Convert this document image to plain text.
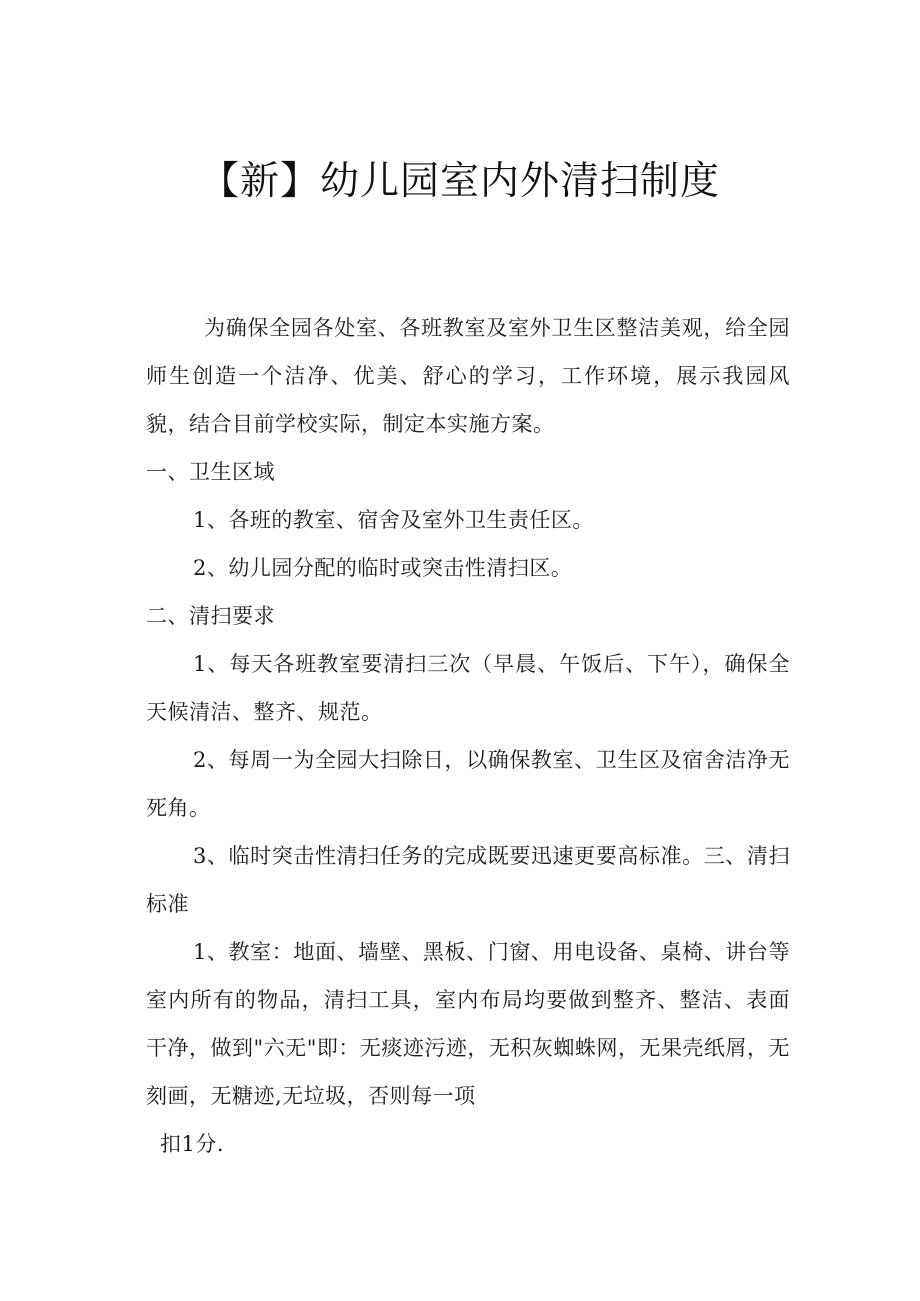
【新】幼儿园室内外清扫制度

为确保全园各处室、各班教室及室外卫生区整洁美观，给全园师生创造一个洁净、优美、舒心的学习，工作环境，展示我园风貌，结合目前学校实际，制定本实施方案。

一、卫生区域

1、各班的教室、宿舍及室外卫生责任区。

2、幼儿园分配的临时或突击性清扫区。

二、清扫要求

1、每天各班教室要清扫三次（早晨、午饭后、下午），确保全天候清洁、整齐、规范。

2、每周一为全园大扫除日，以确保教室、卫生区及宿舍洁净无死角。

3、临时突击性清扫任务的完成既要迅速更要高标准。三、清扫标准

1、教室：地面、墙壁、黑板、门窗、用电设备、桌椅、讲台等室内所有的物品，清扫工具，室内布局均要做到整齐、整洁、表面干净，做到"六无"即：无痰迹污迹，无积灰蜘蛛网，无果壳纸屑，无刻画，无糖迹,无垃圾，否则每一项

扣1分.
